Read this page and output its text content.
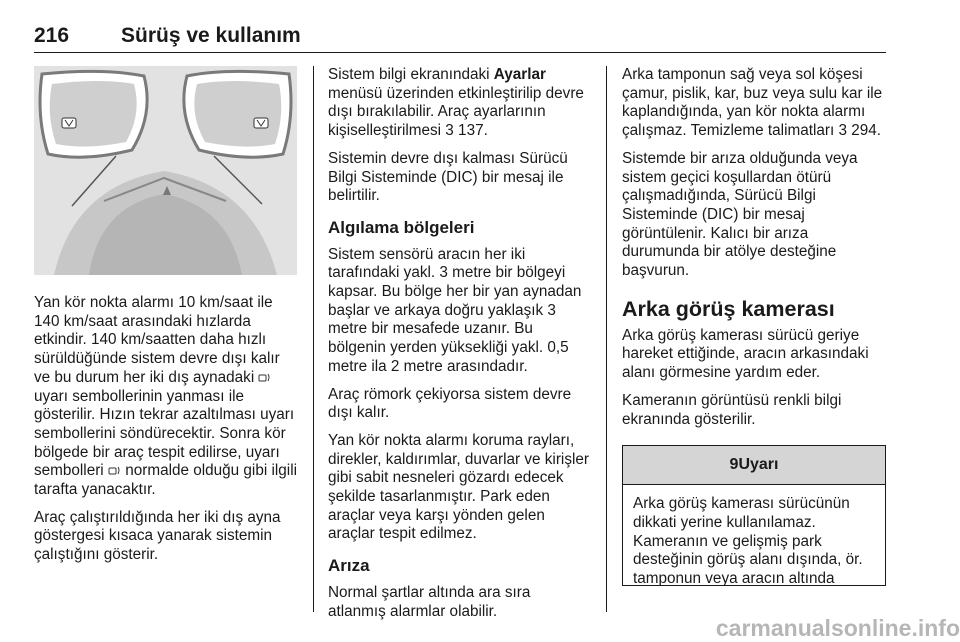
216 Sürüş ve kullanım

Yan kör nokta alarmı 10 km/saat ile 140 km/saat arasındaki hızlarda etkindir. 140 km/saatten daha hızlı sürüldüğünde sistem devre dışı kalır ve bu durum her iki dış aynadaki  uyarı sembollerinin yanması ile gösterilir. Hızın tekrar azaltılması uyarı sembollerini söndürecektir. Sonra kör bölgede bir araç tespit edilirse, uyarı sembolleri  normalde olduğu gibi ilgili tarafta yanacaktır.

Araç çalıştırıldığında her iki dış ayna göstergesi kısaca yanarak sistemin çalıştığını gösterir.

Sistem bilgi ekranındaki Ayarlar menüsü üzerinden etkinleştirilip devre dışı bırakılabilir. Araç ayarlarının kişiselleştirilmesi 3 137.

Sistemin devre dışı kalması Sürücü Bilgi Sisteminde (DIC) bir mesaj ile belirtilir.

Algılama bölgeleri

Sistem sensörü aracın her iki tarafındaki yakl. 3 metre bir bölgeyi kapsar. Bu bölge her bir yan aynadan başlar ve arkaya doğru yaklaşık 3 metre bir mesafede uzanır. Bu bölgenin yerden yüksekliği yakl. 0,5 metre ila 2 metre arasındadır.

Araç römork çekiyorsa sistem devre dışı kalır.

Yan kör nokta alarmı koruma rayları, direkler, kaldırımlar, duvarlar ve kirişler gibi sabit nesneleri gözardı edecek şekilde tasarlanmıştır. Park eden araçlar veya karşı yönden gelen araçlar tespit edilmez.

Arıza

Normal şartlar altında ara sıra atlanmış alarmlar olabilir.

Arka tamponun sağ veya sol köşesi çamur, pislik, kar, buz veya sulu kar ile kaplandığında, yan kör nokta alarmı çalışmaz. Temizleme talimatları 3 294.

Sistemde bir arıza olduğunda veya sistem geçici koşullardan ötürü çalışmadığında, Sürücü Bilgi Sisteminde (DIC) bir mesaj görüntülenir. Kalıcı bir arıza durumunda bir atölye desteğine başvurun.

Arka görüş kamerası

Arka görüş kamerası sürücü geriye hareket ettiğinde, aracın arkasındaki alanı görmesine yardım eder.

Kameranın görüntüsü renkli bilgi ekranında gösterilir.

9Uyarı
Arka görüş kamerası sürücünün dikkati yerine kullanılamaz. Kameranın ve gelişmiş park desteğinin görüş alanı dışında, ör. tamponun veya aracın altında
carmanualsonline.info
